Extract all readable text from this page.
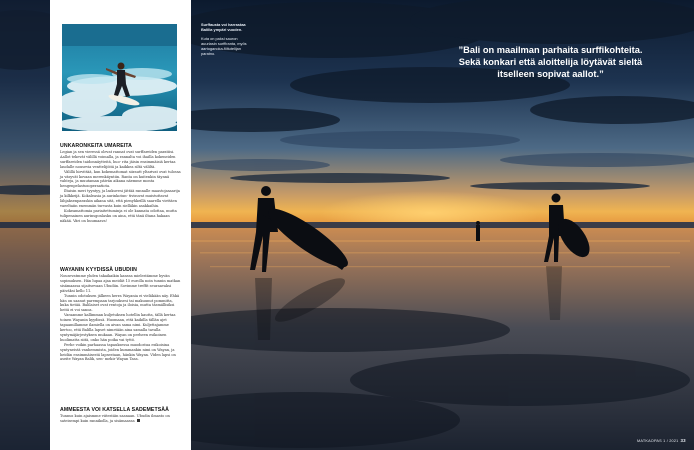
UNKARONKEITA UMAREITA

Legian ja sen vieressä olevat rannat ovat surffareiden paratiisi. Aallot tekevät välillä voimalla, ja rannalta voi ihailla kokeneiden surffareiden taidonnäytteitä, huo- rita jäisin ensimmäisiä kertaa laudalle nousevia venttelijöitä ja kaikkea siltä väliltä.

Välillä hirvittää, kun kokemattomat siirautt yltarivat ovat tulossa ja väsyvät kovaan merenkäyntiin. Ranta on kuitenkin täynnä vahteja, ja muutaman päivän aikana näemme monta hengenpelastusoperaatiota.

Iltaisin meri tyyntyy, ja laskuvesi jättää rannalle maastojasaarija ja kilkkeijä. Kokaleasia ja aurinkotun- tivisuvat muistuttavat lähjaksenparaskin aikana sitä, että pienyhkeillä saarella viettäen vaeeltaiin enemmän turvasta kuin sielläkin asakkaihin.

Kokeamattomia pariaitettuminja ei ole kannata odottaa, mutta tulipenainen aurinsgonlasku on aina, että tänä iltana hakaan näkää. Väri on huumaava!

WAYANIN KYYDISSÄ UBUDIIN

Nousevatmme yhden takaikaikin kanssa mielestämme hyvän sopimuksen. Hän lupaa ajaa meidät 15 eurolla noin tunnin matkan sisämaassa sijaitsevaan Ubudiin. Sovimme treffit seuraavaksi päiväksi kello 11.

Tunnin odotuksen jälkeen herra Wayania ei vieläkään näy. Ehkä hän on saanut parempaan tarjouksesi tai makuunut pommitta, kuka tietää. Balilaiset ovat rentoja ja iloisia, mutta täsmällisiksi heitä ei voi sanoa.

Varaamme kallimman kuljetuksen hotellin kautta, tällä kertaa toinen Wayanin kyydissä. Huomaan, että kaikilla tällän ajet tapaamillamme ilamiella on aivan sama nimi. Kuljettajamme kertoo, että Balilla lapset nimetään aina samalla tavalla syntymäjärjestyksen mukaan. Wayan on perheen esikoinen huolimatta siitä, onko hän poika vai tyttö.

Perhe voikin parhaassa tapauksessa muodostua esikoisina syntyneistä vanhemmista, joiden kummankin nimi on Wayan, ja heidän ensimmäisestä lapsestaan, hänkin Wayan. Vīden lapsi on aseite Wayan Balik, sen- mekir Wayan Tasa.

AMMEESTA VOI KATSELLA SADEMETSÄÄ

Tunnus kuin ajaismme viitestäin saanaan. Ubudin ilmasto on sateisempi kuin rannikolla, ja sisämaassa

Surffausta voi harrastaa Balilla ympäri vuoden.
Kuta on paksi sauron auuriasin surffiranta, myös aartoganoka-fiiltutelijan paratno.	”Bali on maailman parhaita surffikohteita. Sekä konkari että aloittelija löytävät sieltä itselleen sopivat aallot.”
MATKAOPAS 1 / 2021 33
